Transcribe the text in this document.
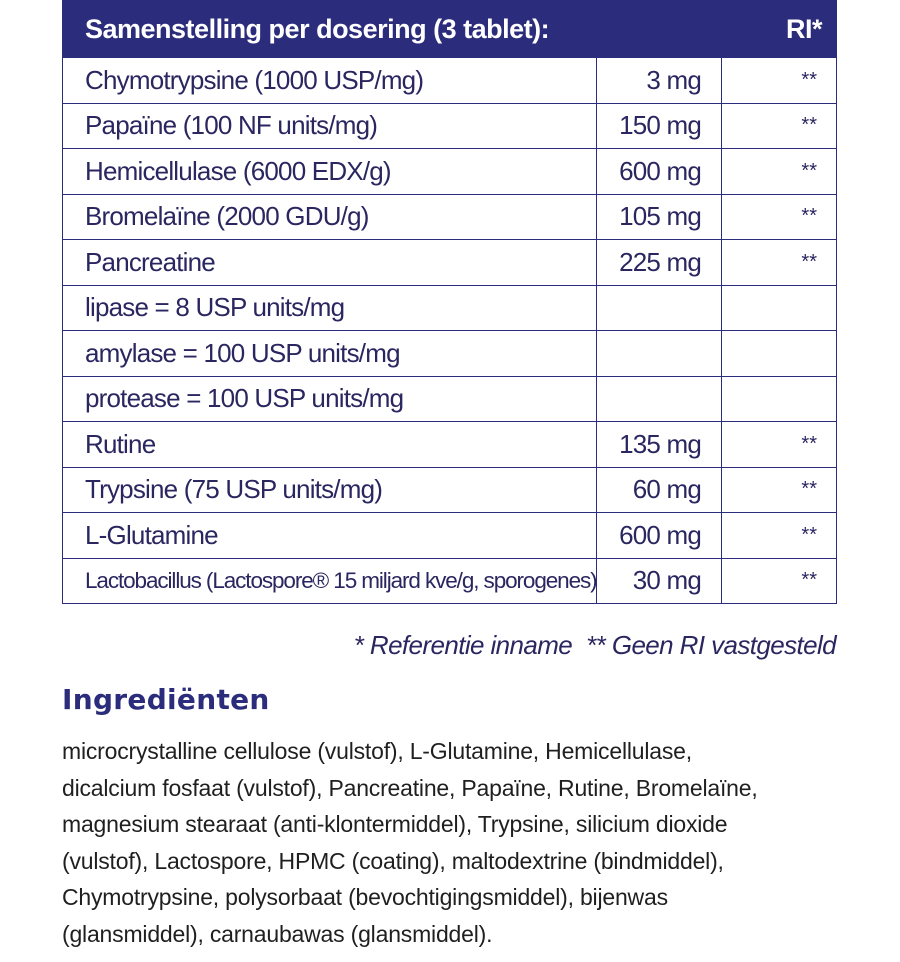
Samenstelling per dosering (3 tablet):		RI*
Chymotrypsine (1000 USP/mg)	3 mg	**
Papaïne (100 NF units/mg)	150 mg	**
Hemicellulase (6000 EDX/g)	600 mg	**
Bromelaïne (2000 GDU/g)	105 mg	**
Pancreatine	225 mg	**
lipase = 8 USP units/mg		
amylase = 100 USP units/mg		
protease = 100 USP units/mg		
Rutine	135 mg	**
Trypsine (75 USP units/mg)	60 mg	**
L-Glutamine	600 mg	**
Lactobacillus (Lactospore® 15 miljard kve/g, sporogenes)	30 mg	**
* Referentie inname ** Geen RI vastgesteld
Ingrediënten

microcrystalline cellulose (vulstof), L-Glutamine, Hemicellulase,
dicalcium fosfaat (vulstof), Pancreatine, Papaïne, Rutine, Bromelaïne,
magnesium stearaat (anti-klontermiddel), Trypsine, silicium dioxide
(vulstof), Lactospore, HPMC (coating), maltodextrine (bindmiddel),
Chymotrypsine, polysorbaat (bevochtigingsmiddel), bijenwas
(glansmiddel), carnaubawas (glansmiddel).
